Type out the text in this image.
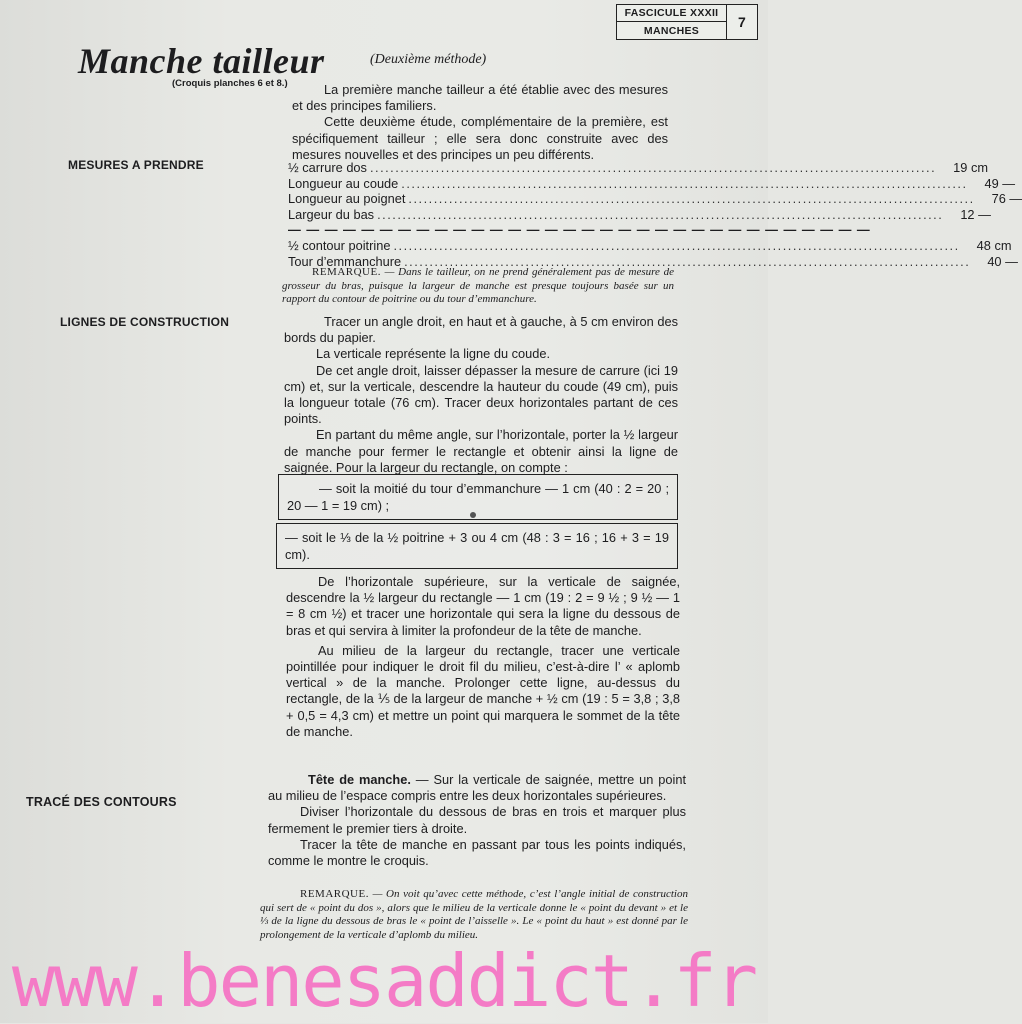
FASCICULE XXXII
7
MANCHES
Manche tailleur	(Deuxième méthode)
(Croquis planches 6 et 8.)	La première manche tailleur a été établie avec des mesures et des principes familiers.

Cette deuxième étude, complémentaire de la première, est spécifiquement tailleur ; elle sera donc construite avec des mesures nouvelles et des principes un peu différents.

MESURES A PRENDRE	½ carrure dos .....	19 cm
Longueur au coude .....	49 —
Longueur au poignet .....	76 —
Largeur du bas .....	12 —
— — — — — — — — — — — — — — — — — — — — — — — — — — — — — — — —
½ contour poitrine .....	48 cm
Tour d’emmanchure .....	40 —
REMARQUE. — Dans le tailleur, on ne prend généralement pas de mesure de grosseur du bras, puisque la largeur de manche est presque toujours basée sur un rapport du contour de poitrine ou du tour d’emmanchure.
LIGNES DE CONSTRUCTION	Tracer un angle droit, en haut et à gauche, à 5 cm environ des bords du papier.

La verticale représente la ligne du coude.

De cet angle droit, laisser dépasser la mesure de carrure (ici 19 cm) et, sur la verticale, descendre la hauteur du coude (49 cm), puis la longueur totale (76 cm). Tracer deux horizontales partant de ces points.

En partant du même angle, sur l’horizontale, porter la ½ largeur de manche pour fermer le rectangle et obtenir ainsi la ligne de saignée. Pour la largeur du rectangle, on compte :

— soit la moitié du tour d’emmanchure — 1 cm (40 : 2 = 20 ; 20 — 1 = 19 cm) ;

— soit le ⅓ de la ½ poitrine + 3 ou 4 cm (48 : 3 = 16 ; 16 + 3 = 19 cm).

De l’horizontale supérieure, sur la verticale de saignée, descendre la ½ largeur du rectangle — 1 cm (19 : 2 = 9 ½ ; 9 ½ — 1 = 8 cm ½) et tracer une horizontale qui sera la ligne du dessous de bras et qui servira à limiter la profondeur de la tête de manche.

Au milieu de la largeur du rectangle, tracer une verticale pointillée pour indiquer le droit fil du milieu, c’est-à-dire l’ « aplomb vertical » de la manche. Prolonger cette ligne, au-dessus du rectangle, de la ⅕ de la largeur de manche + ½ cm (19 : 5 = 3,8 ; 3,8 + 0,5 = 4,3 cm) et mettre un point qui marquera le sommet de la tête de manche.

TRACÉ DES CONTOURS

Tête de manche. — Sur la verticale de saignée, mettre un point au milieu de l’espace compris entre les deux horizontales supérieures.

Diviser l’horizontale du dessous de bras en trois et marquer plus fermement le premier tiers à droite.

Tracer la tête de manche en passant par tous les points indiqués, comme le montre le croquis.

REMARQUE. — On voit qu’avec cette méthode, c’est l’angle initial de construction qui sert de « point du dos », alors que le milieu de la verticale donne le « point du devant » et le ⅓ de la ligne du dessous de bras le « point de l’aisselle ». Le « point du haut » est donné par le prolongement de la verticale d’aplomb du milieu.
www.benesaddict.fr
